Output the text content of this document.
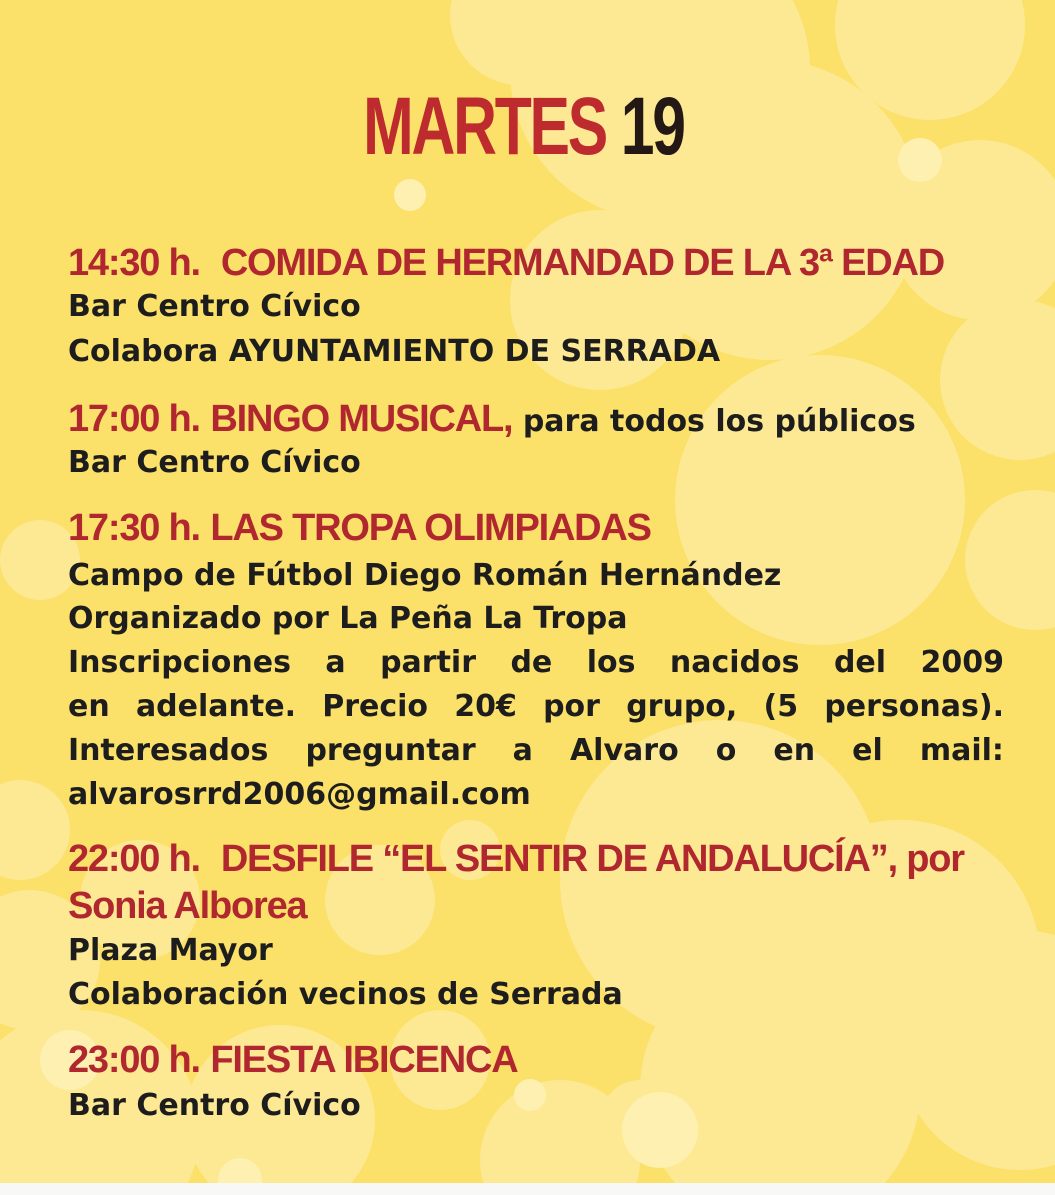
MARTES 19
14:30 h. COMIDA DE HERMANDAD DE LA 3ª EDAD
Bar Centro Cívico
Colabora AYUNTAMIENTO DE SERRADA
17:00 h. BINGO MUSICAL, para todos los públicos
Bar Centro Cívico
17:30 h. LAS TROPA OLIMPIADAS
Campo de Fútbol Diego Román Hernández
Organizado por La Peña La Tropa
Inscripciones a partir de los nacidos del 2009
en adelante. Precio 20€ por grupo, (5 personas).
Interesados preguntar a Alvaro o en el mail:
alvarosrrd2006@gmail.com
22:00 h. DESFILE “EL SENTIR DE ANDALUCÍA”, por
Sonia Alborea
Plaza Mayor
Colaboración vecinos de Serrada
23:00 h. FIESTA IBICENCA
Bar Centro Cívico
